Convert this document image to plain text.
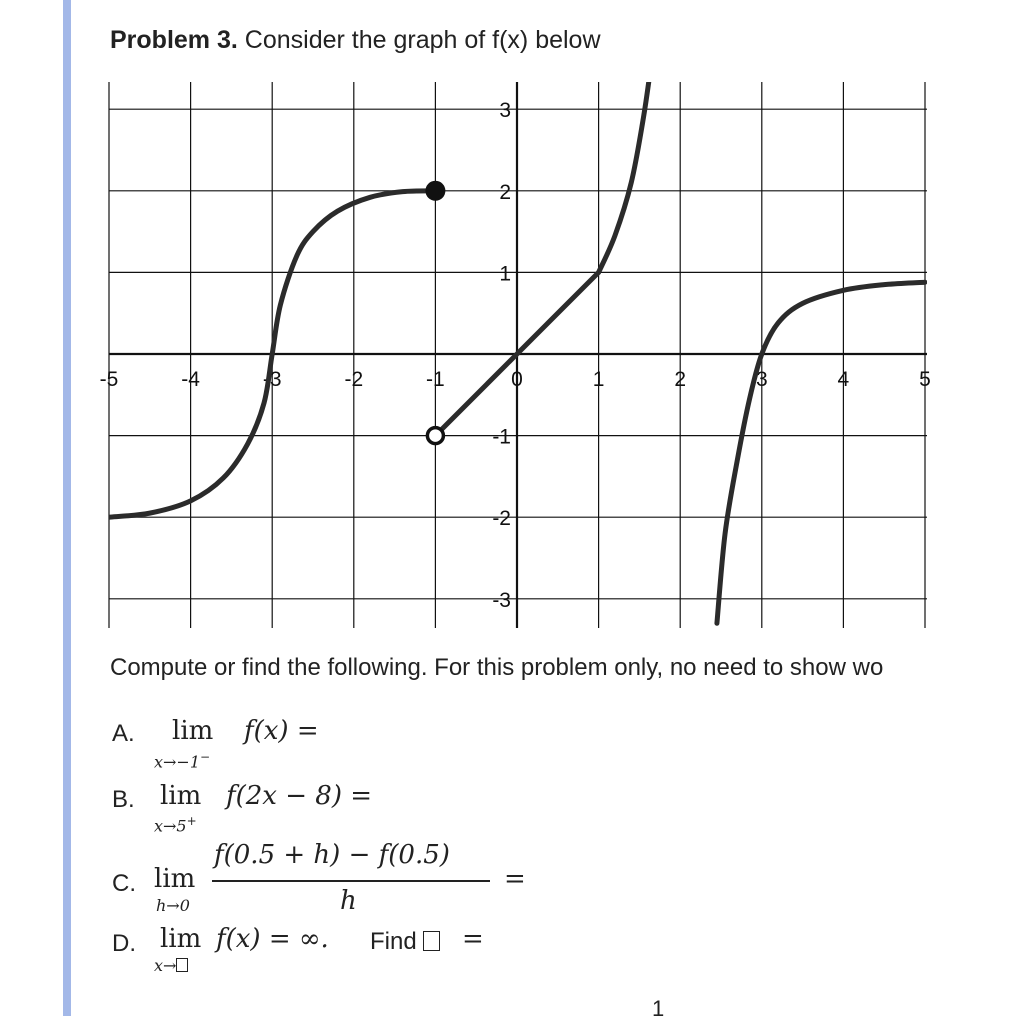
Problem 3. Consider the graph of f(x) below
-5	-4	-3	-2	-1	0	1	2	3	4	5
3
2
1
-1
-2
-3
Compute or find the following. For this problem only, no need to show wo
A. lim
x→−1−
f(x) =
B. lim
x→5+
f(2x − 8) =
C. lim
h→0
f(0.5 + h) − f(0.5)
h
=
D. lim
x→
f(x) = ∞. Find	=
1
